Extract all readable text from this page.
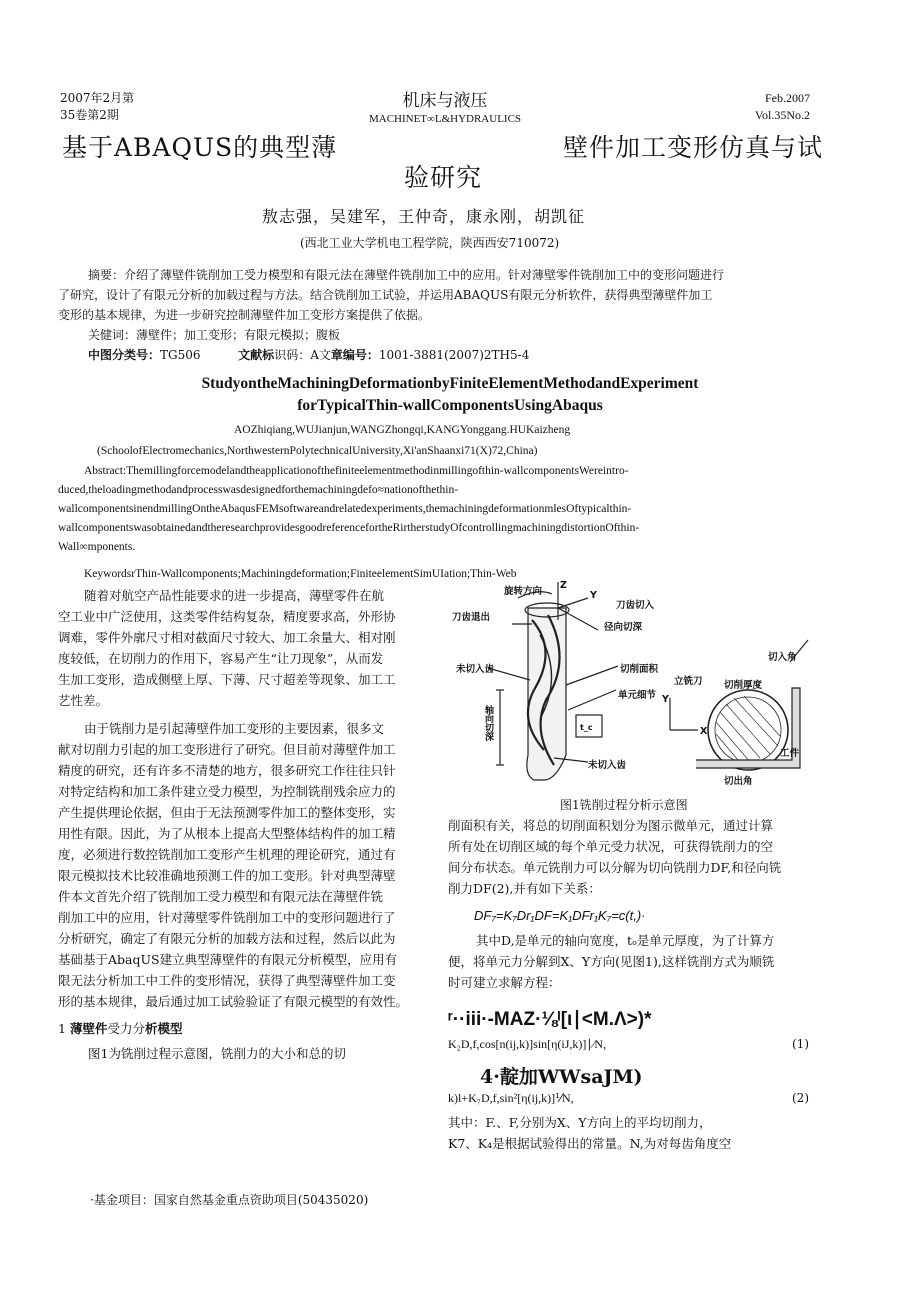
2007年2月第
35卷第2期
机床与液压
MACHINET∞L&HYDRAULICS
Feb.2007
Vol.35No.2
基于ABAQUS的典型薄	壁件加工变形仿真与试
验研究
敖志强，吴建军，王仲奇，康永刚，胡凯征
(西北工业大学机电工程学院，陕西西安710072)
摘要：介绍了薄壁件铣削加工受力模型和有限元法在薄壁件铣削加工中的应用。针对薄壁零件铣削加工中的变形问题进行
了研究，设计了有限元分析的加载过程与方法。结合铣削加工试验，并运用ABAQUS有限元分析软件，获得典型薄壁件加工
变形的基本规律，为进一步研究控制薄壁件加工变形方案提供了依据。
关健词：薄壁件；加工变形；有限元模拟；腹板
中图分类号：TG506	文献标识码：A文章编号：1001-3881(2007)2TH5-4
StudyontheMachiningDeformationbyFiniteElementMethodandExperiment
forTypicalThin-wallComponentsUsingAbaqus
AOZhiqiang,WUJianjun,WANGZhongqi,KANGYonggang.HUKaizheng
(SchoolofElectromechanics,NorthwesternPolytechnicalUniversity,Xi'anShaanxi71(X)72,China)
Abstract:Themillingforcemodelandtheapplicationofthefiniteelementmethodinmillingofthin-wallcomponentsWereintro-
duced,theloadingmethodandprocesswasdesignedforthemachiningdefo≈nationofthethin-
wallcomponentsinendmillingOntheAbaqusFEMsoftwareandrelatedexperiments,themachiningdeformationmlesOftypicalthin-
wallcomponentswasobtainedandtheresearchprovidesgoodreferencefortheRirtherstudyOfcontrollingmachiningdistortionOfthin-
Wall∞mponents.
KeywordsrThin-Wallcomponents;Machiningdeformation;FiniteelementSimUIation;Thin-Web
随着对航空产品性能要求的进一步提高，薄壁零件在航
空工业中广泛使用，这类零件结构复杂，精度要求高，外形协
调难，零件外廓尺寸相对截面尺寸较大、加工余量大、相对刚
度较低，在切削力的作用下，容易产生“让刀现象”，从而发
生加工变形，造成侧壁上厚、下薄、尺寸超差等现象、加工工
艺性差。
由于铣削力是引起薄壁件加工变形的主要因素，很多文
献对切削力引起的加工变形进行了研究。但目前对薄壁件加工
精度的研究，还有许多不清楚的地方，很多研究工作往往只针
对特定结构和加工条件建立受力模型，为控制铣削残余应力的
产生提供理论依据，但由于无法预测零件加工的整体变形，实
用性有限。因此，为了从根本上提高大型整体结构件的加工精
度，必须进行数控铣削加工变形产生机理的理论研究，通过有
限元模拟技术比较准确地预测工件的加工变形。针对典型薄壁
件本文首先介绍了铣削加工受力模型和有限元法在薄壁件铣
削加工中的应用，针对薄壁零件铣削加工中的变形问题进行了
分析研究，确定了有限元分析的加载方法和过程，然后以此为
基础基于AbaqUS建立典型薄壁件的有限元分析模型，应用有
限无法分析加工中工件的变形情况，获得了典型薄壁件加工变
形的基本规律，最后通过加工试验验证了有限元模型的有效性。
1 薄壁件受力分析模型
图1为铣削过程示意图，铣削力的大小和总的切
旋转方向
刀齿退出
刀齿切入
径向切深
未切入齿	切削面积
单元细节
未切入齿
立铣刀 切削厚度
切入角
切出角
工件
Z
Y
Y
X
t_c
轴向切深
图1铣削过程分析示意图
削面积有关，将总的切削面积划分为图示微单元，通过计算
所有处在切削区域的每个单元受力状况，可获得铣削力的空
间分布状态。单元铣削力可以分解为切向铣削力DF,和径向铣
削力DF(2),并有如下关系：
DF₇=K₇Dr₁DF=K₁DFr₁K₇=c(t,)·
其中D,是单元的轴向宽度，tₒ是单元厚度，为了计算方
便，将单元力分解到X、Y方向(见图1),这样铣削方式为顺铣
时可建立求解方程：
ʳ··iii·-MAZ·⅛ᴵ[ι∣<M.Λ>)*
K₂D,f,cos[n(ij,k)]sin[η(iJ,k)]∣⁄N,	(1)
4·靛加WWsaJM)
k)l+K₇D,f,sin²[η(ij,k)]⅟N,	(2)
其中：F.、F,分别为X、Y方向上的平均切削力，
K7、K₄是根据试验得出的常量。N,为对每齿角度空
·基金项目：国家自然基金重点资助项目(50435020)
